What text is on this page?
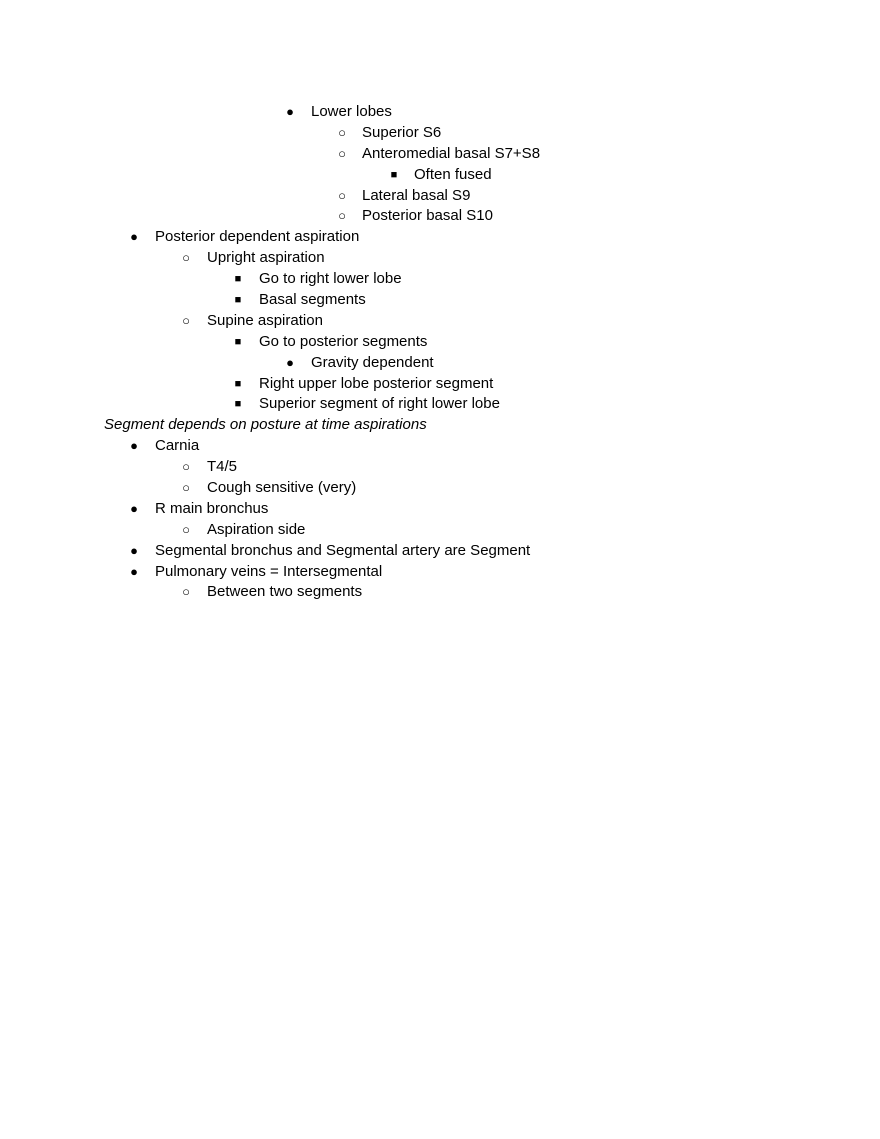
● Lower lobes
○ Superior S6
○ Anteromedial basal S7+S8
■	Often fused
○ Lateral basal S9
○ Posterior basal S10
● Posterior dependent aspiration
○ Upright aspiration
■	Go to right lower lobe
■	Basal segments
○ Supine aspiration
■	Go to posterior segments
● Gravity dependent
■	Right upper lobe posterior segment
■	Superior segment of right lower lobe
Segment depends on posture at time aspirations
● Carnia
○ T4/5
○ Cough sensitive (very)
● R main bronchus
○ Aspiration side
● Segmental bronchus and Segmental artery are Segment
● Pulmonary veins = Intersegmental
○ Between two segments
